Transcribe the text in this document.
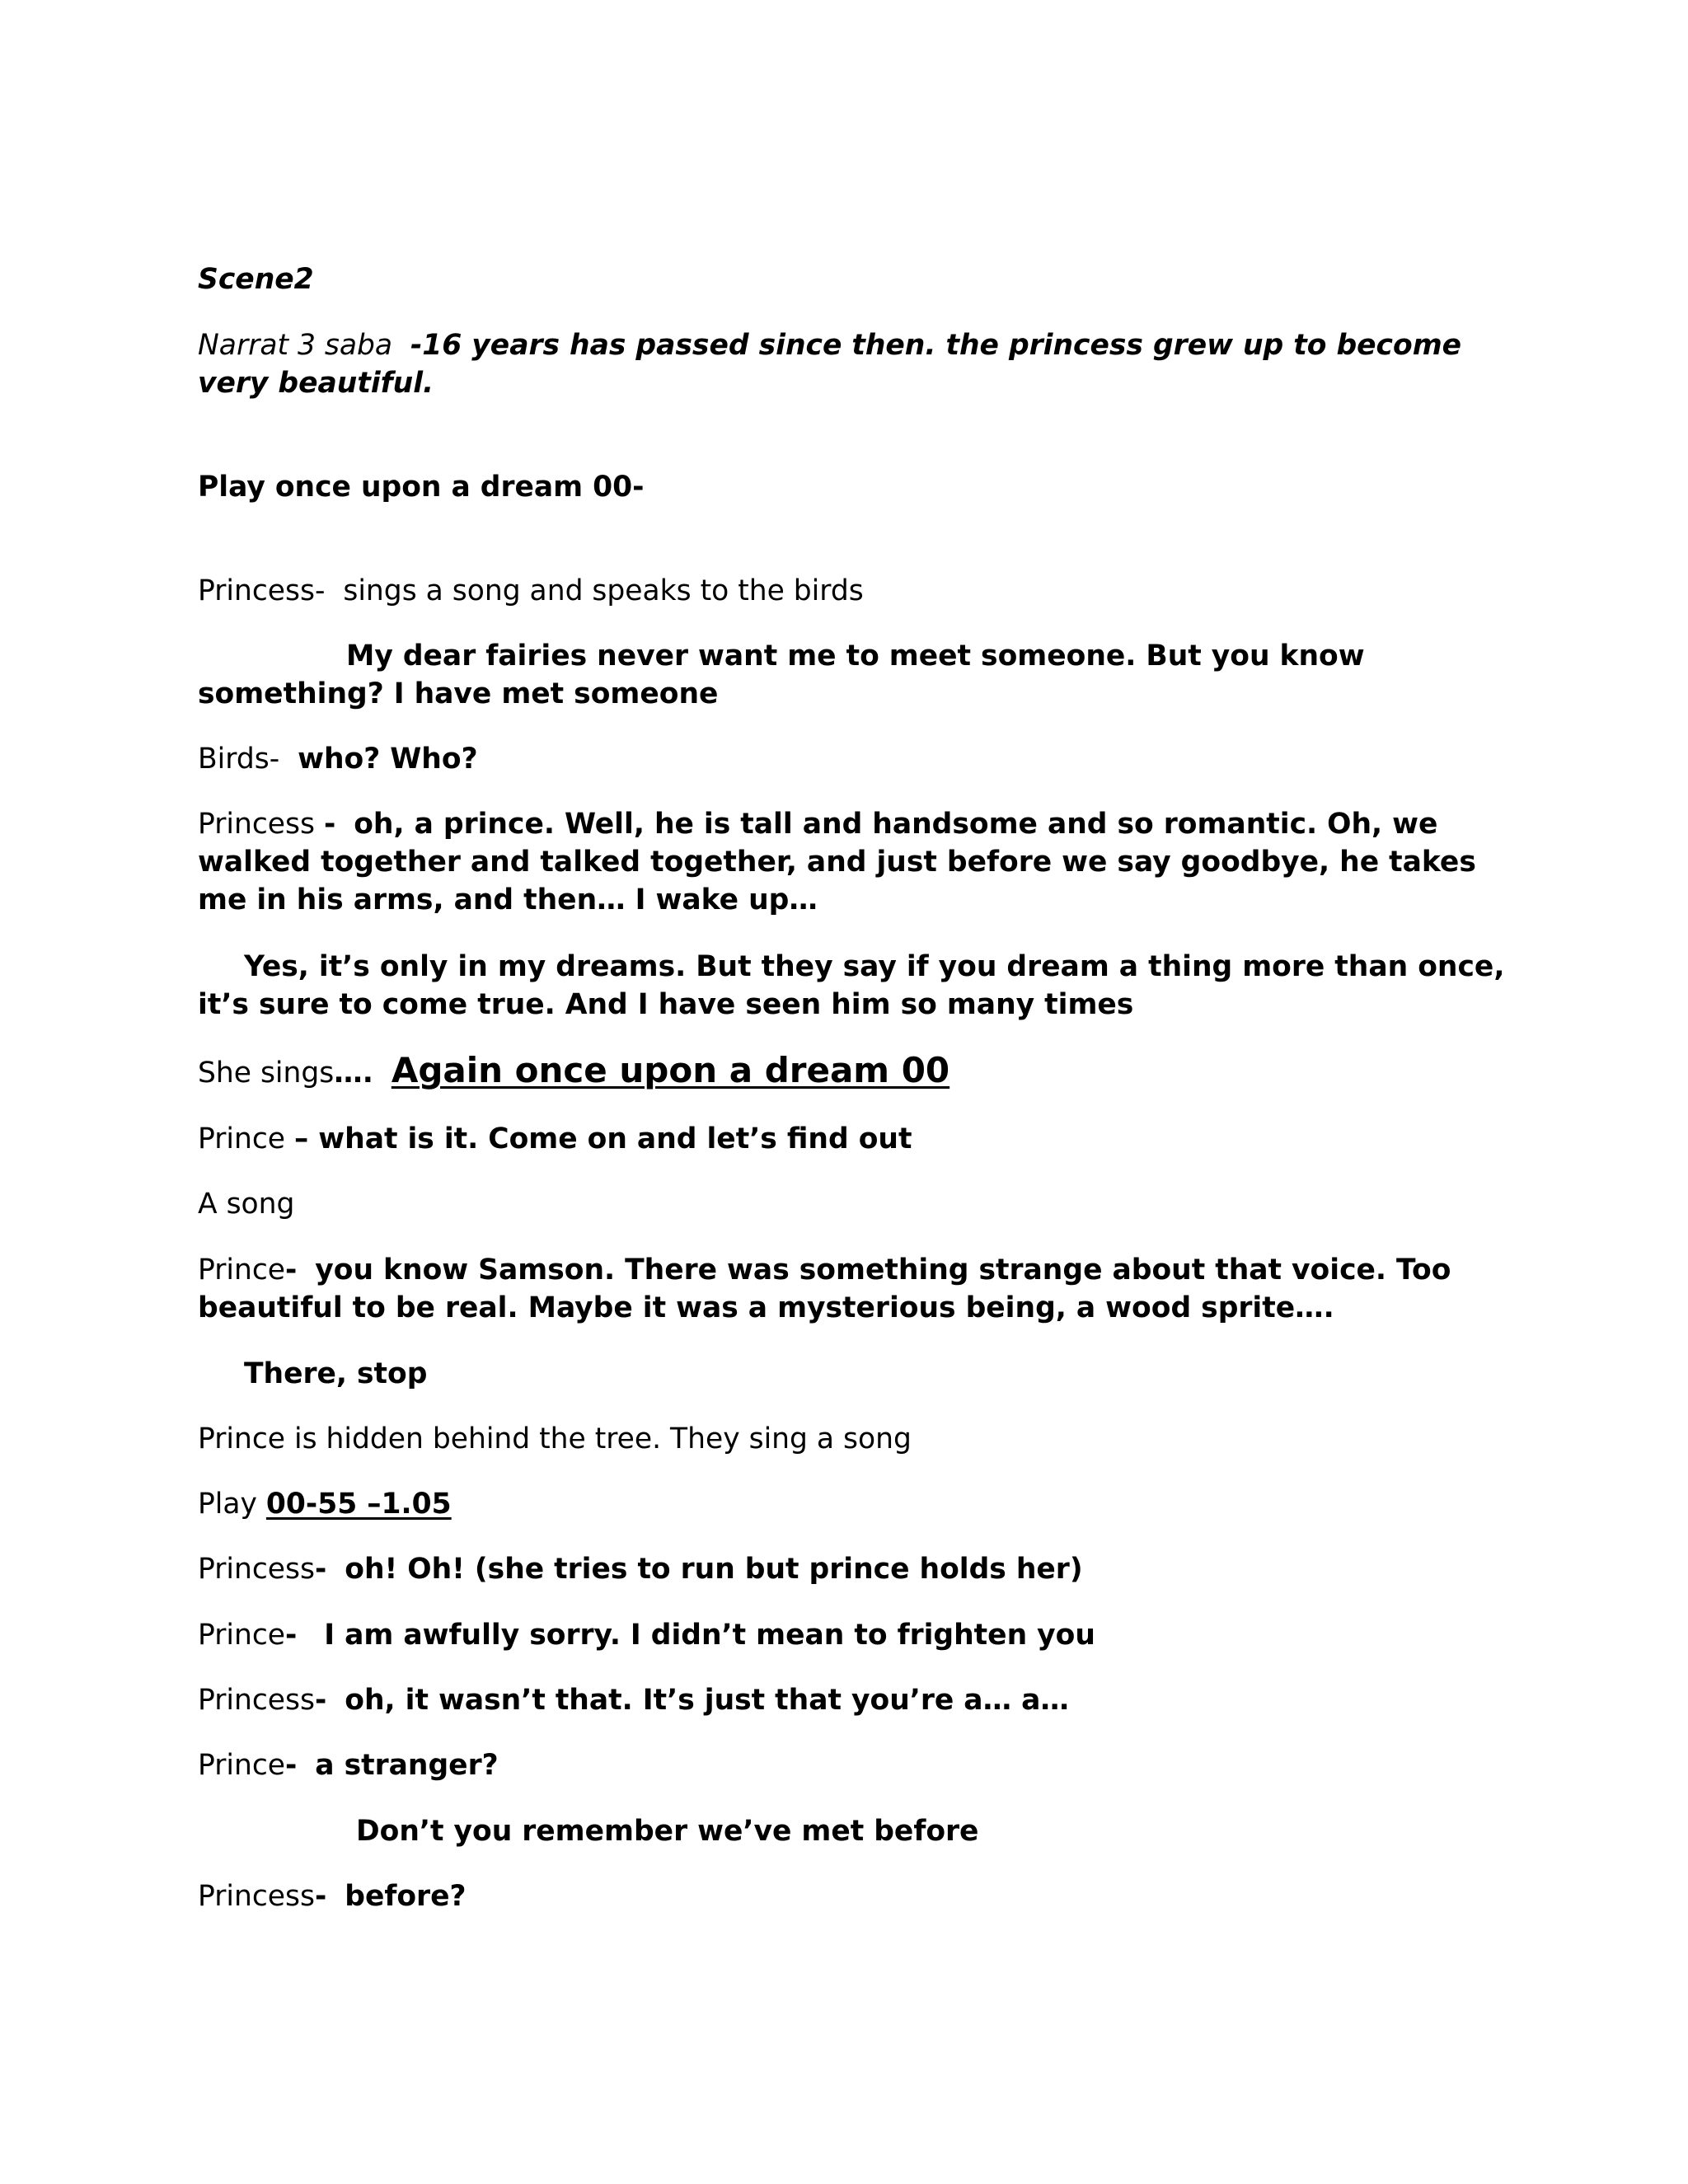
Scene2
Narrat 3 saba -16 years has passed since then. the princess grew up to become
very beautiful.
Play once upon a dream 00-
Princess- sings a song and speaks to the birds
My dear fairies never want me to meet someone. But you know
something? I have met someone
Birds- who? Who?
Princess - oh, a prince. Well, he is tall and handsome and so romantic. Oh, we
walked together and talked together, and just before we say goodbye, he takes
me in his arms, and then… I wake up…
Yes, it’s only in my dreams. But they say if you dream a thing more than once,
it’s sure to come true. And I have seen him so many times
She sings…. Again once upon a dream 00
Prince – what is it. Come on and let’s find out
A song
Prince- you know Samson. There was something strange about that voice. Too
beautiful to be real. Maybe it was a mysterious being, a wood sprite….
There, stop
Prince is hidden behind the tree. They sing a song
Play 00-55 –1.05
Princess- oh! Oh! (she tries to run but prince holds her)
Prince- I am awfully sorry. I didn’t mean to frighten you
Princess- oh, it wasn’t that. It’s just that you’re a… a…
Prince- a stranger?
Don’t you remember we’ve met before
Princess- before?
